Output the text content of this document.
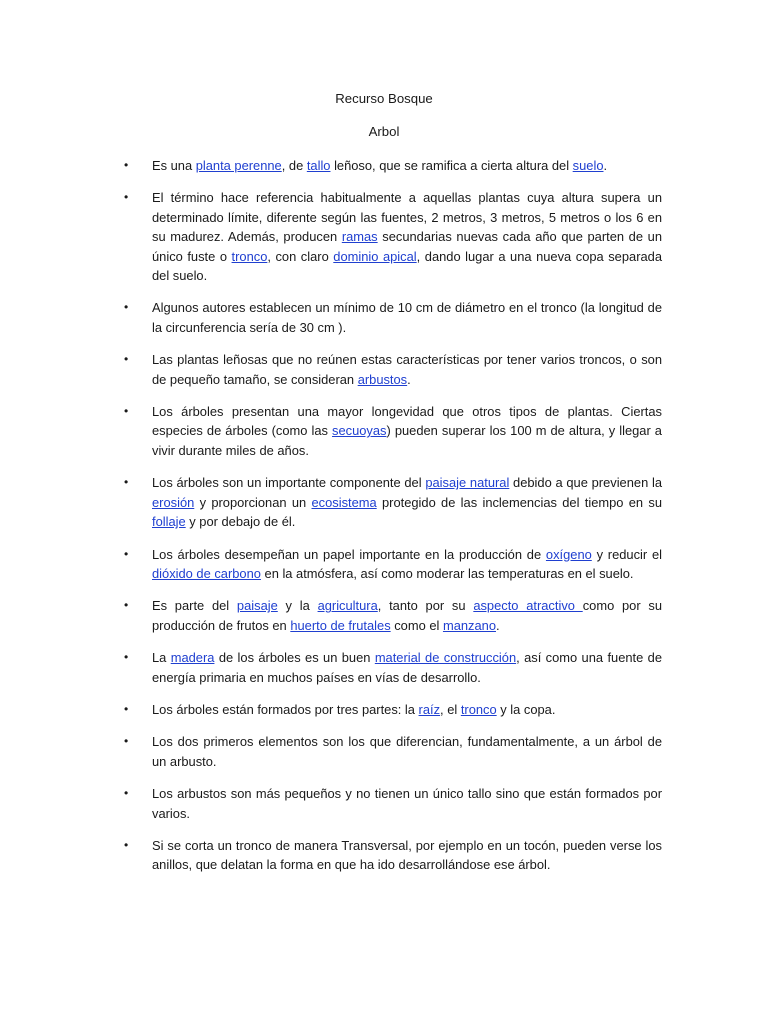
Recurso Bosque
Arbol
•	Es una planta perenne, de tallo leñoso, que se ramifica a cierta altura del suelo.
•	El término hace referencia habitualmente a aquellas plantas cuya altura supera un determinado límite, diferente según las fuentes, 2 metros, 3 metros, 5 metros o los 6 en su madurez. Además, producen ramas secundarias nuevas cada año que parten de un único fuste o tronco, con claro dominio apical, dando lugar a una nueva copa separada del suelo.
•	Algunos autores establecen un mínimo de 10 cm de diámetro en el tronco (la longitud de la circunferencia sería de 30 cm ).
•	Las plantas leñosas que no reúnen estas características por tener varios troncos, o son de pequeño tamaño, se consideran arbustos.
•	Los árboles presentan una mayor longevidad que otros tipos de plantas. Ciertas especies de árboles (como las secuoyas) pueden superar los 100 m de altura, y llegar a vivir durante miles de años.
•	Los árboles son un importante componente del paisaje natural debido a que previenen la erosión y proporcionan un ecosistema protegido de las inclemencias del tiempo en su follaje y por debajo de él.
•	Los árboles desempeñan un papel importante en la producción de oxígeno y reducir el dióxido de carbono en la atmósfera, así como moderar las temperaturas en el suelo.
•	Es parte del paisaje y la agricultura, tanto por su aspecto atractivo como por su producción de frutos en huerto de frutales como el manzano.
•	La madera de los árboles es un buen material de construcción, así como una fuente de energía primaria en muchos países en vías de desarrollo.
•	Los árboles están formados por tres partes: la raíz, el tronco y la copa.
•	Los dos primeros elementos son los que diferencian, fundamentalmente, a un árbol de un arbusto.
•	Los arbustos son más pequeños y no tienen un único tallo sino que están formados por varios.
•	Si se corta un tronco de manera Transversal, por ejemplo en un tocón, pueden verse los anillos, que delatan la forma en que ha ido desarrollándose ese árbol.
